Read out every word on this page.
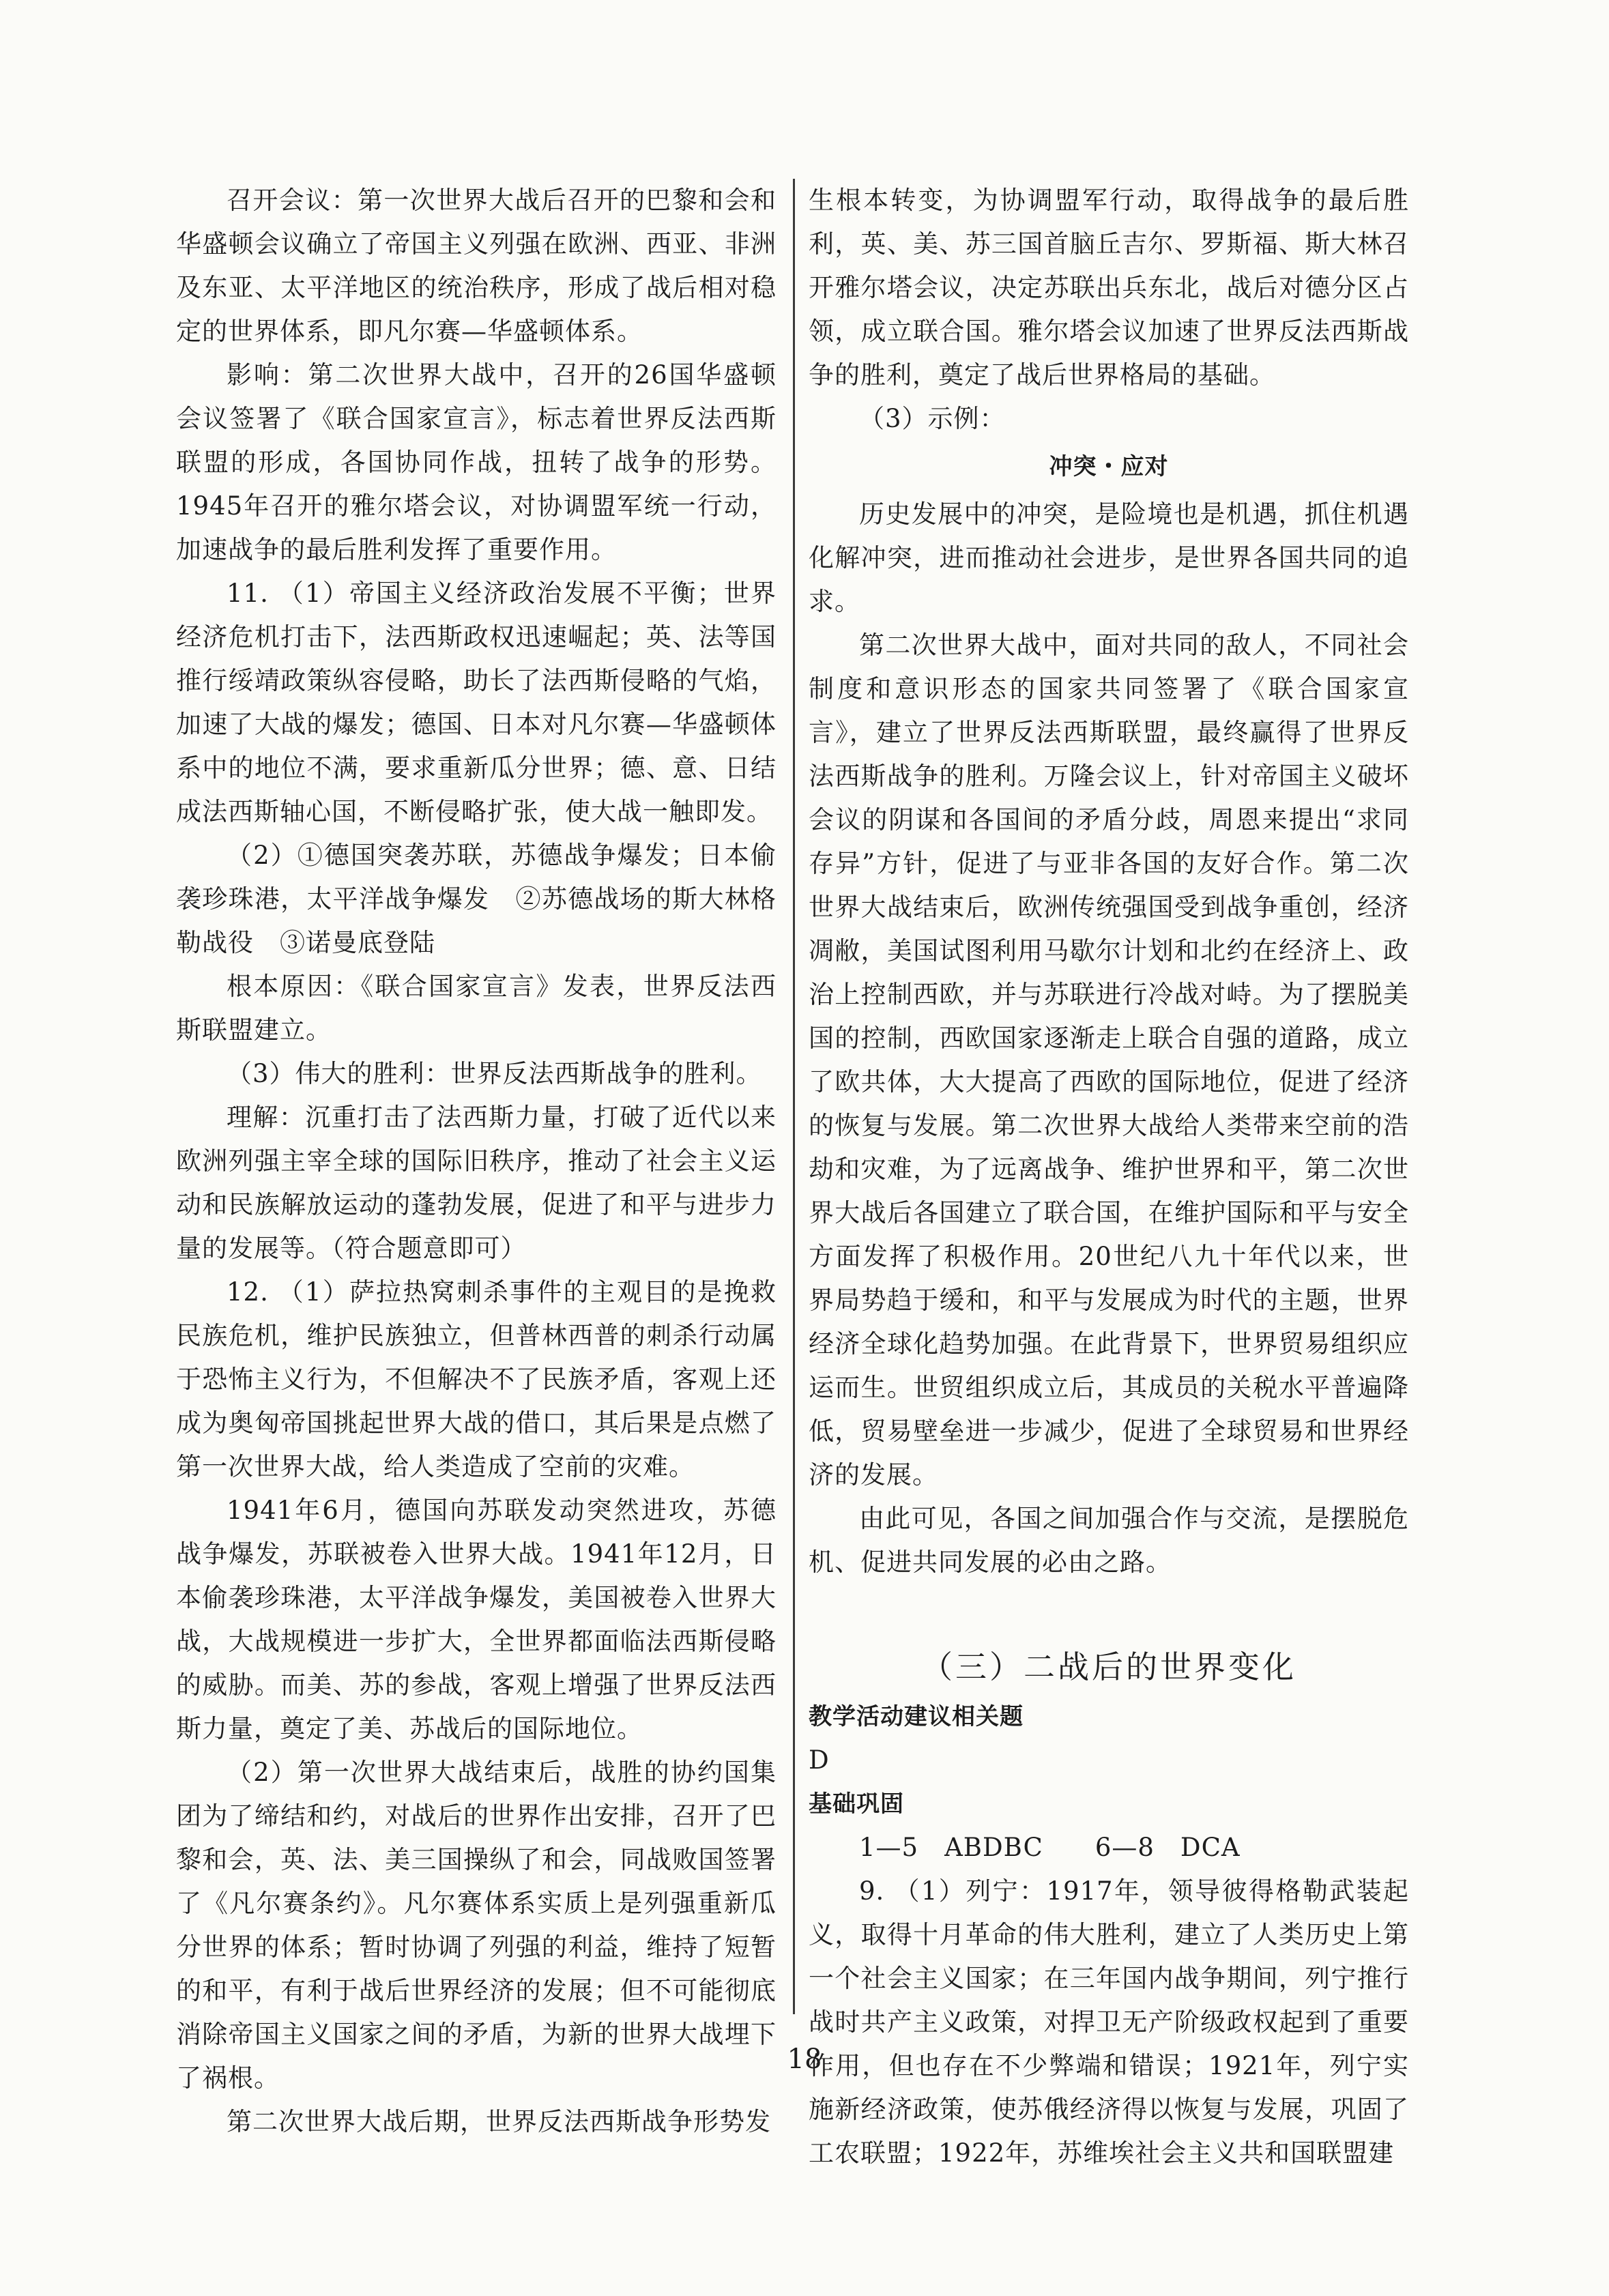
召开会议：第一次世界大战后召开的巴黎和会和华盛顿会议确立了帝国主义列强在欧洲、西亚、非洲及东亚、太平洋地区的统治秩序，形成了战后相对稳定的世界体系，即凡尔赛—华盛顿体系。

影响：第二次世界大战中，召开的26国华盛顿会议签署了《联合国家宣言》，标志着世界反法西斯联盟的形成，各国协同作战，扭转了战争的形势。1945年召开的雅尔塔会议，对协调盟军统一行动，加速战争的最后胜利发挥了重要作用。

11. （1）帝国主义经济政治发展不平衡；世界经济危机打击下，法西斯政权迅速崛起；英、法等国推行绥靖政策纵容侵略，助长了法西斯侵略的气焰，加速了大战的爆发；德国、日本对凡尔赛—华盛顿体系中的地位不满，要求重新瓜分世界；德、意、日结成法西斯轴心国，不断侵略扩张，使大战一触即发。

（2）①德国突袭苏联，苏德战争爆发；日本偷袭珍珠港，太平洋战争爆发　②苏德战场的斯大林格勒战役　③诺曼底登陆

根本原因：《联合国家宣言》发表，世界反法西斯联盟建立。

（3）伟大的胜利：世界反法西斯战争的胜利。

理解：沉重打击了法西斯力量，打破了近代以来欧洲列强主宰全球的国际旧秩序，推动了社会主义运动和民族解放运动的蓬勃发展，促进了和平与进步力量的发展等。（符合题意即可）

12. （1）萨拉热窝刺杀事件的主观目的是挽救民族危机，维护民族独立，但普林西普的刺杀行动属于恐怖主义行为，不但解决不了民族矛盾，客观上还成为奥匈帝国挑起世界大战的借口，其后果是点燃了第一次世界大战，给人类造成了空前的灾难。

1941年6月，德国向苏联发动突然进攻，苏德战争爆发，苏联被卷入世界大战。1941年12月，日本偷袭珍珠港，太平洋战争爆发，美国被卷入世界大战，大战规模进一步扩大，全世界都面临法西斯侵略的威胁。而美、苏的参战，客观上增强了世界反法西斯力量，奠定了美、苏战后的国际地位。

（2）第一次世界大战结束后，战胜的协约国集团为了缔结和约，对战后的世界作出安排，召开了巴黎和会，英、法、美三国操纵了和会，同战败国签署了《凡尔赛条约》。凡尔赛体系实质上是列强重新瓜分世界的体系；暂时协调了列强的利益，维持了短暂的和平，有利于战后世界经济的发展；但不可能彻底消除帝国主义国家之间的矛盾，为新的世界大战埋下了祸根。

第二次世界大战后期，世界反法西斯战争形势发

生根本转变，为协调盟军行动，取得战争的最后胜利，英、美、苏三国首脑丘吉尔、罗斯福、斯大林召开雅尔塔会议，决定苏联出兵东北，战后对德分区占领，成立联合国。雅尔塔会议加速了世界反法西斯战争的胜利，奠定了战后世界格局的基础。

（3）示例：

冲突・应对

历史发展中的冲突，是险境也是机遇，抓住机遇化解冲突，进而推动社会进步，是世界各国共同的追求。

第二次世界大战中，面对共同的敌人，不同社会制度和意识形态的国家共同签署了《联合国家宣言》，建立了世界反法西斯联盟，最终赢得了世界反法西斯战争的胜利。万隆会议上，针对帝国主义破坏会议的阴谋和各国间的矛盾分歧，周恩来提出“求同存异”方针，促进了与亚非各国的友好合作。第二次世界大战结束后，欧洲传统强国受到战争重创，经济凋敝，美国试图利用马歇尔计划和北约在经济上、政治上控制西欧，并与苏联进行冷战对峙。为了摆脱美国的控制，西欧国家逐渐走上联合自强的道路，成立了欧共体，大大提高了西欧的国际地位，促进了经济的恢复与发展。第二次世界大战给人类带来空前的浩劫和灾难，为了远离战争、维护世界和平，第二次世界大战后各国建立了联合国，在维护国际和平与安全方面发挥了积极作用。20世纪八九十年代以来，世界局势趋于缓和，和平与发展成为时代的主题，世界经济全球化趋势加强。在此背景下，世界贸易组织应运而生。世贸组织成立后，其成员的关税水平普遍降低，贸易壁垒进一步减少，促进了全球贸易和世界经济的发展。

由此可见，各国之间加强合作与交流，是摆脱危机、促进共同发展的必由之路。

（三）二战后的世界变化

教学活动建议相关题

D

基础巩固

1—5　ABDBC　　6—8　DCA

9. （1）列宁：1917年，领导彼得格勒武装起义，取得十月革命的伟大胜利，建立了人类历史上第一个社会主义国家；在三年国内战争期间，列宁推行战时共产主义政策，对捍卫无产阶级政权起到了重要作用，但也存在不少弊端和错误；1921年，列宁实施新经济政策，使苏俄经济得以恢复与发展，巩固了工农联盟；1922年，苏维埃社会主义共和国联盟建

18
